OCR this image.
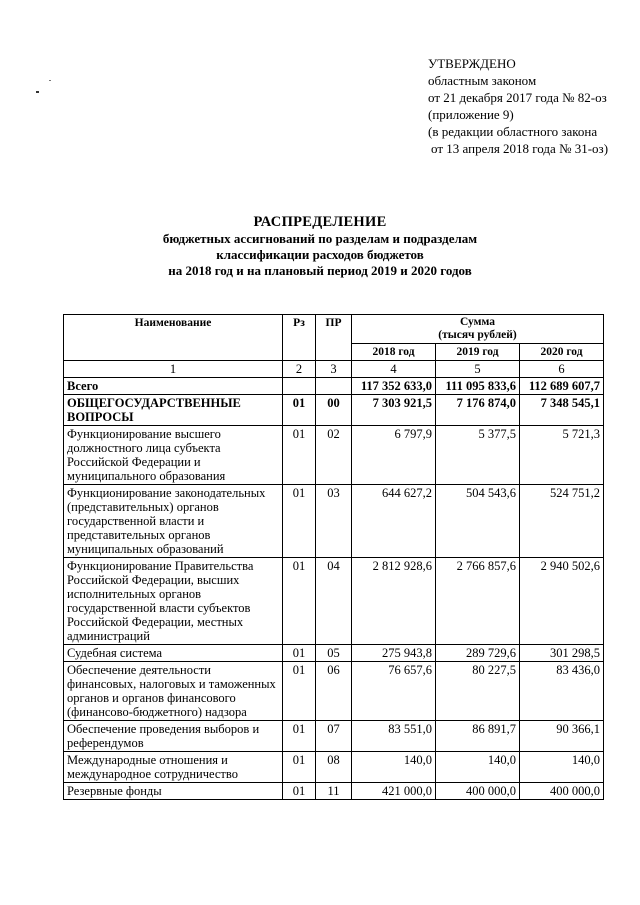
УТВЕРЖДЕНО
областным законом
от 21 декабря 2017 года № 82-оз
(приложение 9)
(в редакции областного закона
от 13 апреля 2018 года № 31-оз)
РАСПРЕДЕЛЕНИЕ
бюджетных ассигнований по разделам и подразделам
классификации расходов бюджетов
на 2018 год и на плановый период 2019 и 2020 годов
Наименование	Рз	ПР	Сумма
(тысяч рублей)		

			2018 год	2019 год	2020 год
1	2	3	4	5	6
Всего			117 352 633,0	111 095 833,6	112 689 607,7
ОБЩЕГОСУДАРСТВЕННЫЕ ВОПРОСЫ	01	00	7 303 921,5	7 176 874,0	7 348 545,1
Функционирование высшего должностного лица субъекта Российской Федерации и муниципального образования	01	02	6 797,9	5 377,5	5 721,3
Функционирование законодательных (представительных) органов государственной власти и представительных органов муниципальных образований	01	03	644 627,2	504 543,6	524 751,2
Функционирование Правительства Российской Федерации, высших исполнительных органов государственной власти субъектов Российской Федерации, местных администраций	01	04	2 812 928,6	2 766 857,6	2 940 502,6
Судебная система	01	05	275 943,8	289 729,6	301 298,5
Обеспечение деятельности финансовых, налоговых и таможенных органов и органов финансового (финансово-бюджетного) надзора	01	06	76 657,6	80 227,5	83 436,0
Обеспечение проведения выборов и референдумов	01	07	83 551,0	86 891,7	90 366,1
Международные отношения и международное сотрудничество	01	08	140,0	140,0	140,0
Резервные фонды	01	11	421 000,0	400 000,0	400 000,0
